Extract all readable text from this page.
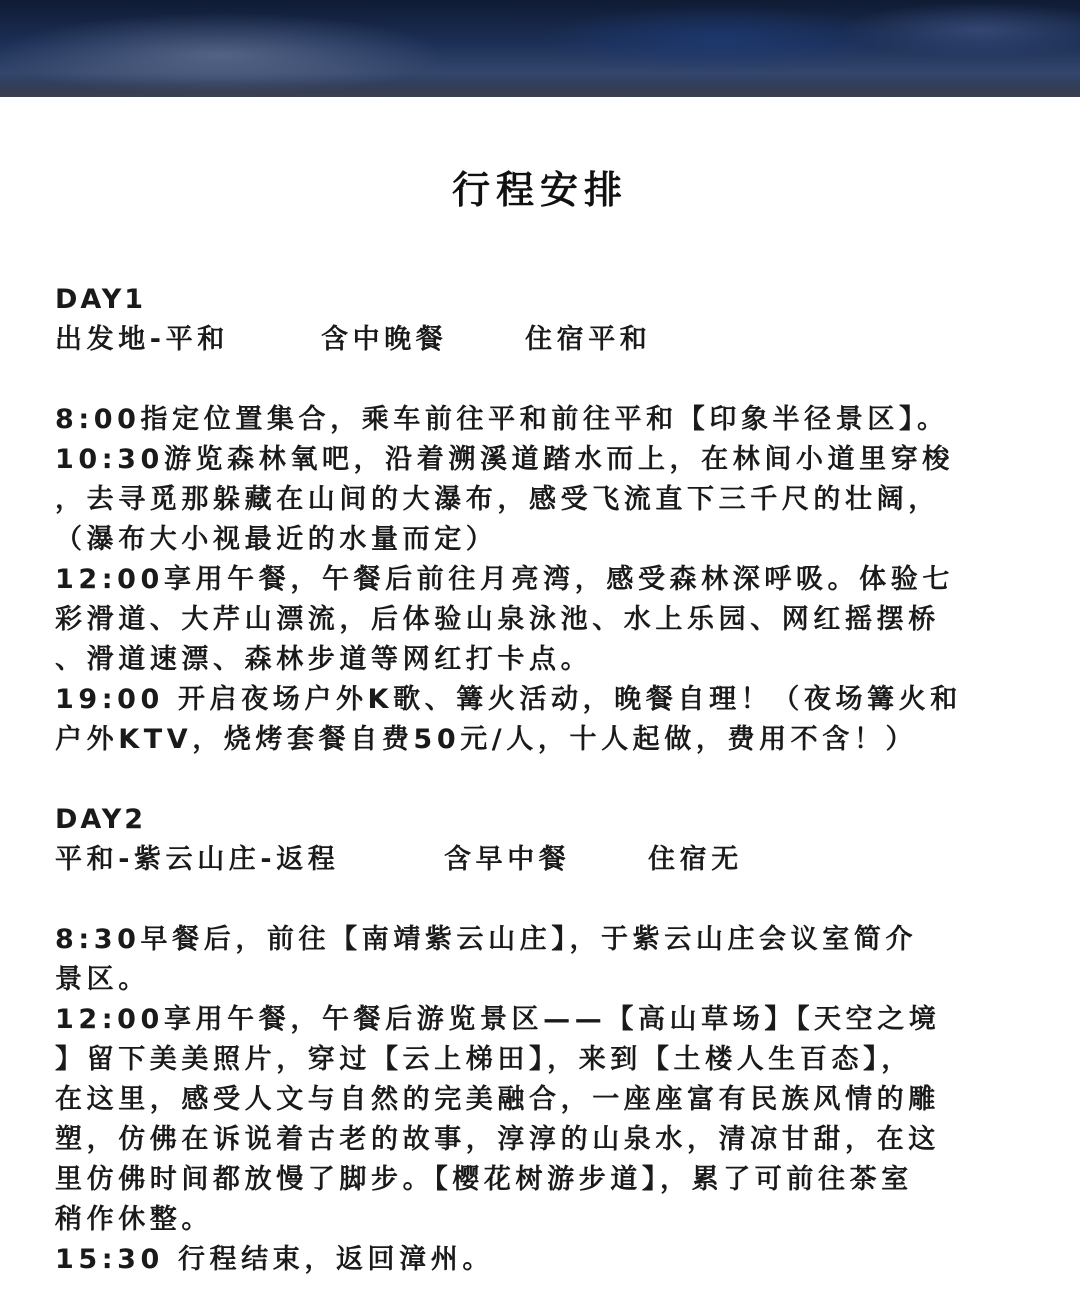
行程安排
DAY1
出发地-平和	含中晚餐	住宿平和
8:00指定位置集合，乘车前往平和前往平和【印象半径景区】。
10:30游览森林氧吧，沿着溯溪道踏水而上，在林间小道里穿梭
，去寻觅那躲藏在山间的大瀑布，感受飞流直下三千尺的壮阔，
（瀑布大小视最近的水量而定）
12:00享用午餐，午餐后前往月亮湾，感受森林深呼吸。体验七
彩滑道、大芹山漂流，后体验山泉泳池、水上乐园、网红摇摆桥
、滑道速漂、森林步道等网红打卡点。
19:00 开启夜场户外K歌、篝火活动，晚餐自理！（夜场篝火和
户外KTV，烧烤套餐自费50元/人，十人起做，费用不含！）
DAY2
平和-紫云山庄-返程	含早中餐	住宿无
8:30早餐后，前往【南靖紫云山庄】，于紫云山庄会议室简介
景区。
12:00享用午餐，午餐后游览景区——【高山草场】【天空之境
】留下美美照片，穿过【云上梯田】，来到【土楼人生百态】，
在这里，感受人文与自然的完美融合，一座座富有民族风情的雕
塑，仿佛在诉说着古老的故事，淳淳的山泉水，清凉甘甜，在这
里仿佛时间都放慢了脚步。【樱花树游步道】，累了可前往茶室
稍作休整。
15:30 行程结束，返回漳州。
